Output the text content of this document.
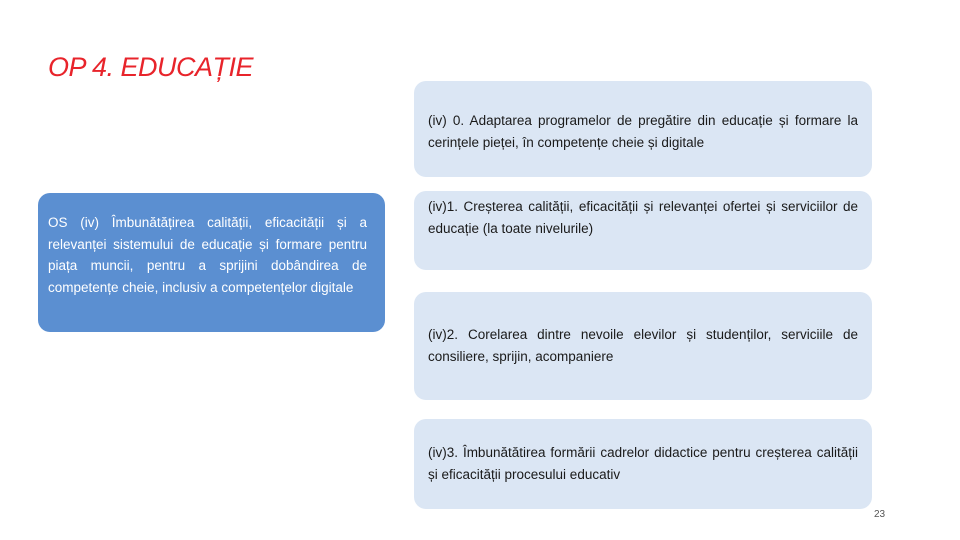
OP 4. EDUCAȚIE
OS (iv) Îmbunătățirea calității, eficacității și a relevanței sistemului de educație și formare pentru piața muncii, pentru a sprijini dobândirea de competențe cheie, inclusiv a competențelor digitale
(iv) 0. Adaptarea programelor de pregătire din educație și formare la cerințele pieței, în competențe cheie și digitale
(iv)1. Creșterea calității, eficacității și relevanței ofertei și serviciilor de educație (la toate nivelurile)
(iv)2. Corelarea dintre nevoile elevilor și studenților, serviciile de consiliere, sprijin, acompaniere
(iv)3. Îmbunătătirea formării cadrelor didactice pentru creșterea calității și eficacității procesului educativ
23
